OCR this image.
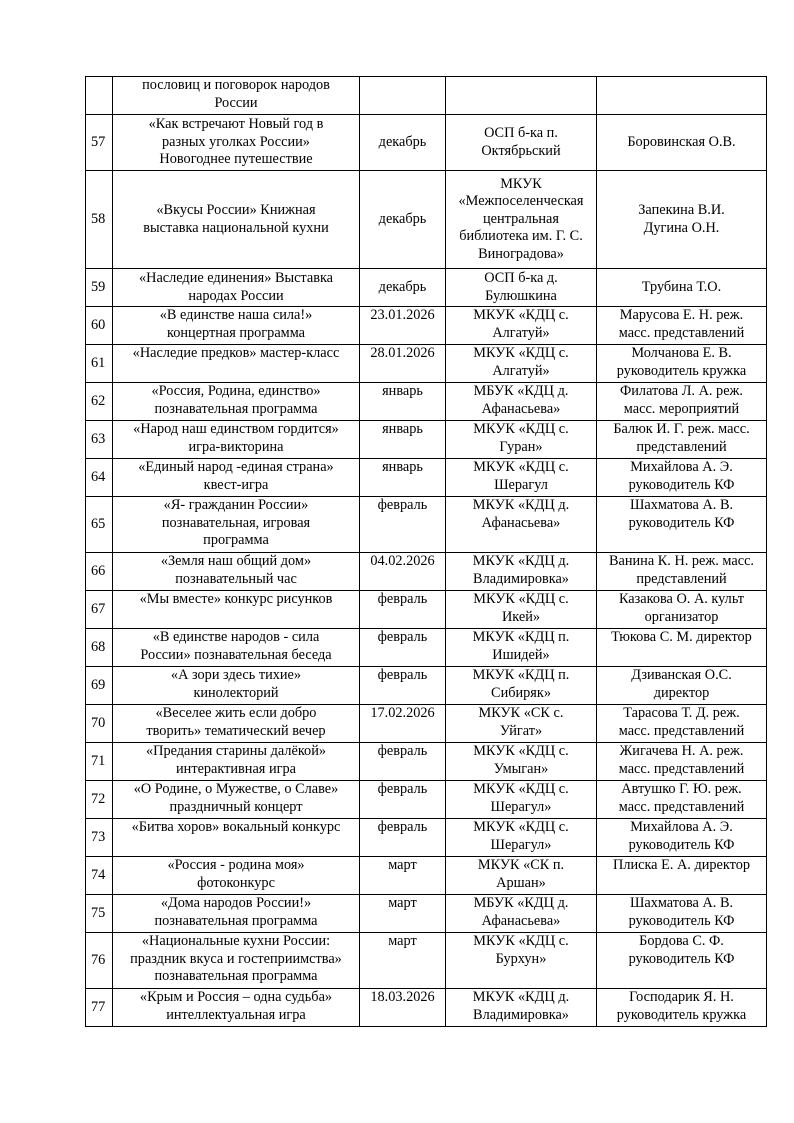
	пословиц и поговорок народов
России			

57	«Как встречают Новый год в
разных уголках России»
Новогоднее путешествие	декабрь	ОСП б-ка п.
Октябрьский	Боровинская О.В.

58	«Вкусы России» Книжная
выставка национальной кухни	декабрь	МКУК
«Межпоселенческая
центральная
библиотека им. Г. С.
Виноградова»	Запекина В.И.
Дугина О.Н.

59	«Наследие единения» Выставка
народах России	декабрь	ОСП б-ка д.
Булюшкина	Трубина Т.О.

60	«В единстве наша сила!»
концертная программа	23.01.2026	МКУК «КДЦ с.
Алгатуй»	Марусова Е. Н. реж.
масс. представлений

61	«Наследие предков» мастер-класс	28.01.2026	МКУК «КДЦ с.
Алгатуй»	Молчанова Е. В.
руководитель кружка

62	«Россия, Родина, единство»
познавательная программа	январь	МБУК «КДЦ д.
Афанасьева»	Филатова Л. А. реж.
масс. мероприятий

63	«Народ наш единством гордится»
игра-викторина	январь	МКУК «КДЦ с.
Гуран»	Балюк И. Г. реж. масс.
представлений

64	«Единый народ -единая страна»
квест-игра	январь	МКУК «КДЦ с.
Шерагул	Михайлова А. Э.
руководитель КФ

65	«Я- гражданин России»
познавательная, игровая
программа	февраль	МКУК «КДЦ д.
Афанасьева»	Шахматова А. В.
руководитель КФ

66	«Земля наш общий дом»
познавательный час	04.02.2026	МКУК «КДЦ д.
Владимировка»	Ванина К. Н. реж. масс.
представлений

67	«Мы вместе» конкурс рисунков	февраль	МКУК «КДЦ с.
Икей»	Казакова О. А. культ
организатор

68	«В единстве народов - сила
России» познавательная беседа	февраль	МКУК «КДЦ п.
Ишидей»	Тюкова С. М. директор

69	«А зори здесь тихие»
кинолекторий	февраль	МКУК «КДЦ п.
Сибиряк»	Дзиванская О.С.
директор

70	«Веселее жить если добро
творить» тематический вечер	17.02.2026	МКУК «СК с.
Уйгат»	Тарасова Т. Д. реж.
масс. представлений

71	«Предания старины далёкой»
интерактивная игра	февраль	МКУК «КДЦ с.
Умыган»	Жигачева Н. А. реж.
масс. представлений

72	«О Родине, о Мужестве, о Славе»
праздничный концерт	февраль	МКУК «КДЦ с.
Шерагул»	Автушко Г. Ю. реж.
масс. представлений

73	«Битва хоров» вокальный конкурс	февраль	МКУК «КДЦ с.
Шерагул»	Михайлова А. Э.
руководитель КФ

74	«Россия - родина моя»
фотоконкурс	март	МКУК «СК п.
Аршан»	Плиска Е. А. директор

75	«Дома народов России!»
познавательная программа	март	МБУК «КДЦ д.
Афанасьева»	Шахматова А. В.
руководитель КФ

76	«Национальные кухни России:
праздник вкуса и гостеприимства»
познавательная программа	март	МКУК «КДЦ с.
Бурхун»	Бордова С. Ф.
руководитель КФ

77	«Крым и Россия – одна судьба»
интеллектуальная игра	18.03.2026	МКУК «КДЦ д.
Владимировка»	Господарик Я. Н.
руководитель кружка
